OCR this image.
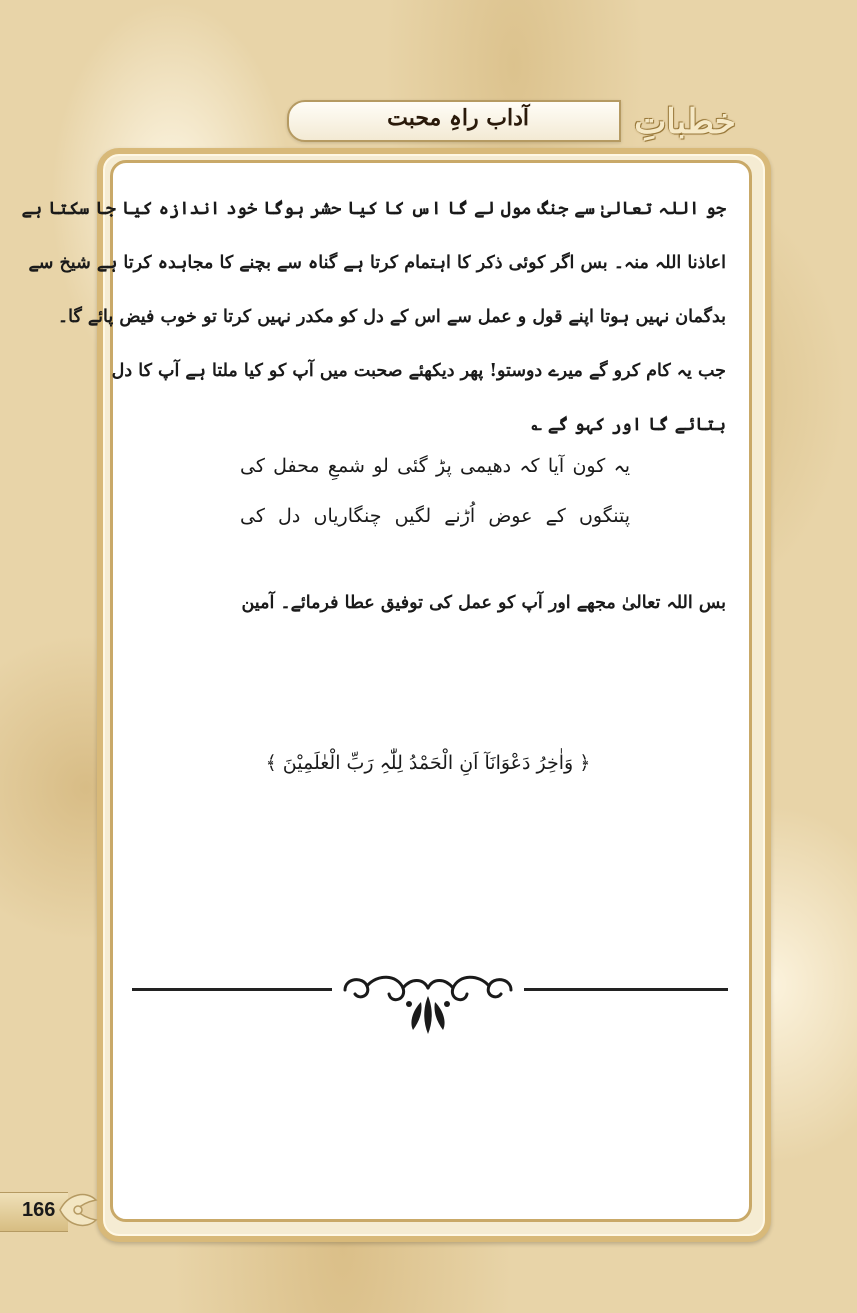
آداب راہِ محبت	خطباتِ
جو اللہ تعالیٰ سے جنگ مول لے گا اس کا کیا حشر ہوگا خود اندازہ کیا جا سکتا ہے
اعاذنا اللہ منہ۔ بس اگر کوئی ذکر کا اہتمام کرتا ہے گناہ سے بچنے کا مجاہدہ کرتا ہے شیخ سے
بدگمان نہیں ہوتا اپنے قول و عمل سے اس کے دل کو مکدر نہیں کرتا تو خوب فیض پائے گا۔
جب یہ کام کرو گے میرے دوستو! پھر دیکھئے صحبت میں آپ کو کیا ملتا ہے آپ کا دل
بتائے گا اور کہو گے ؎
یہ کون آیا کہ دھیمی پڑ گئی لو شمعِ محفل کی
پتنگوں کے عوض اُڑنے لگیں چنگاریاں دل کی
بس اللہ تعالیٰ مجھے اور آپ کو عمل کی توفیق عطا فرمائے۔ آمین
﴿ وَاٰخِرُ دَعْوَانَآ اَنِ الْحَمْدُ لِلّٰہِ رَبِّ الْعٰلَمِیْنَ ﴾
166
